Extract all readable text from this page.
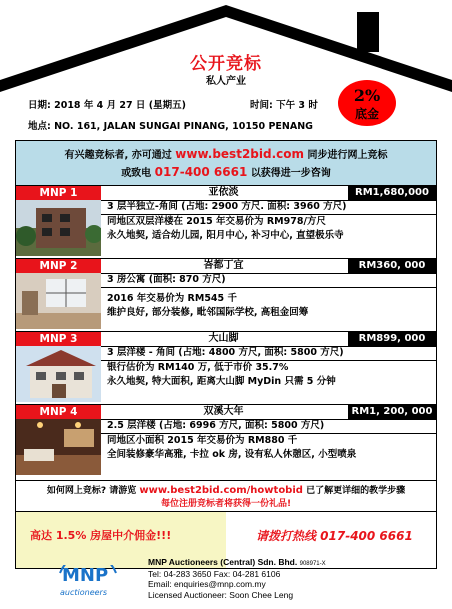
公开竞标
私人产业
日期: 2018 年 4 月 27 日 (星期五)	时间: 下午 3 时
地点: NO. 161, JALAN SUNGAI PINANG, 10150 PENANG
2%
底金
有兴趣竞标者, 亦可通过 www.best2bid.com 同步进行网上竞标
或致电 017-400 6661 以获得进一步咨询
MNP 1	亚依淡	RM1,680,000
3 层半独立-角间 (占地: 2900 方尺. 面积: 3960 方尺)
同地区双层洋楼在 2015 年交易价为 RM978/方尺
永久地契, 适合幼儿园, 阳月中心, 补习中心, 直望极乐寺
MNP 2	峇都丁宜	RM360, 000
3 房公寓 (面积: 870 方尺)
2016 年交易价为 RM545 千
维护良好, 部分装修, 毗邻国际学校, 高租金回筹
MNP 3	大山脚	RM899, 000
3 层洋楼 - 角间 (占地: 4800 方尺, 面积: 5800 方尺)
银行估价为 RM140 万, 低于市价 35.7%
永久地契, 特大面积, 距离大山脚 MyDin 只需 5 分钟
MNP 4	双溪大年	RM1, 200, 000
2.5 层洋楼 (占地: 6996 方尺, 面积: 5800 方尺)
同地区小面积 2015 年交易价为 RM880 千
全间装修豪华高雅, 卡拉 ok 房, 设有私人休憩区, 小型喷泉
如何网上竞标? 请游览 www.best2bid.com/howtobid 已了解更详细的教学步骤
每位注册竞标者将获得一份礼品!
高达 1.5% 房屋中介佣金!!!	请拨打热线 017-400 6661
MNP
auctioneers
MNP Auctioneers (Central) Sdn. Bhd. 908971-X
Tel: 04-283 3650 Fax: 04-281 6106
Email: enquiries@mnp.com.my
Licensed Auctioneer: Soon Chee Leng
